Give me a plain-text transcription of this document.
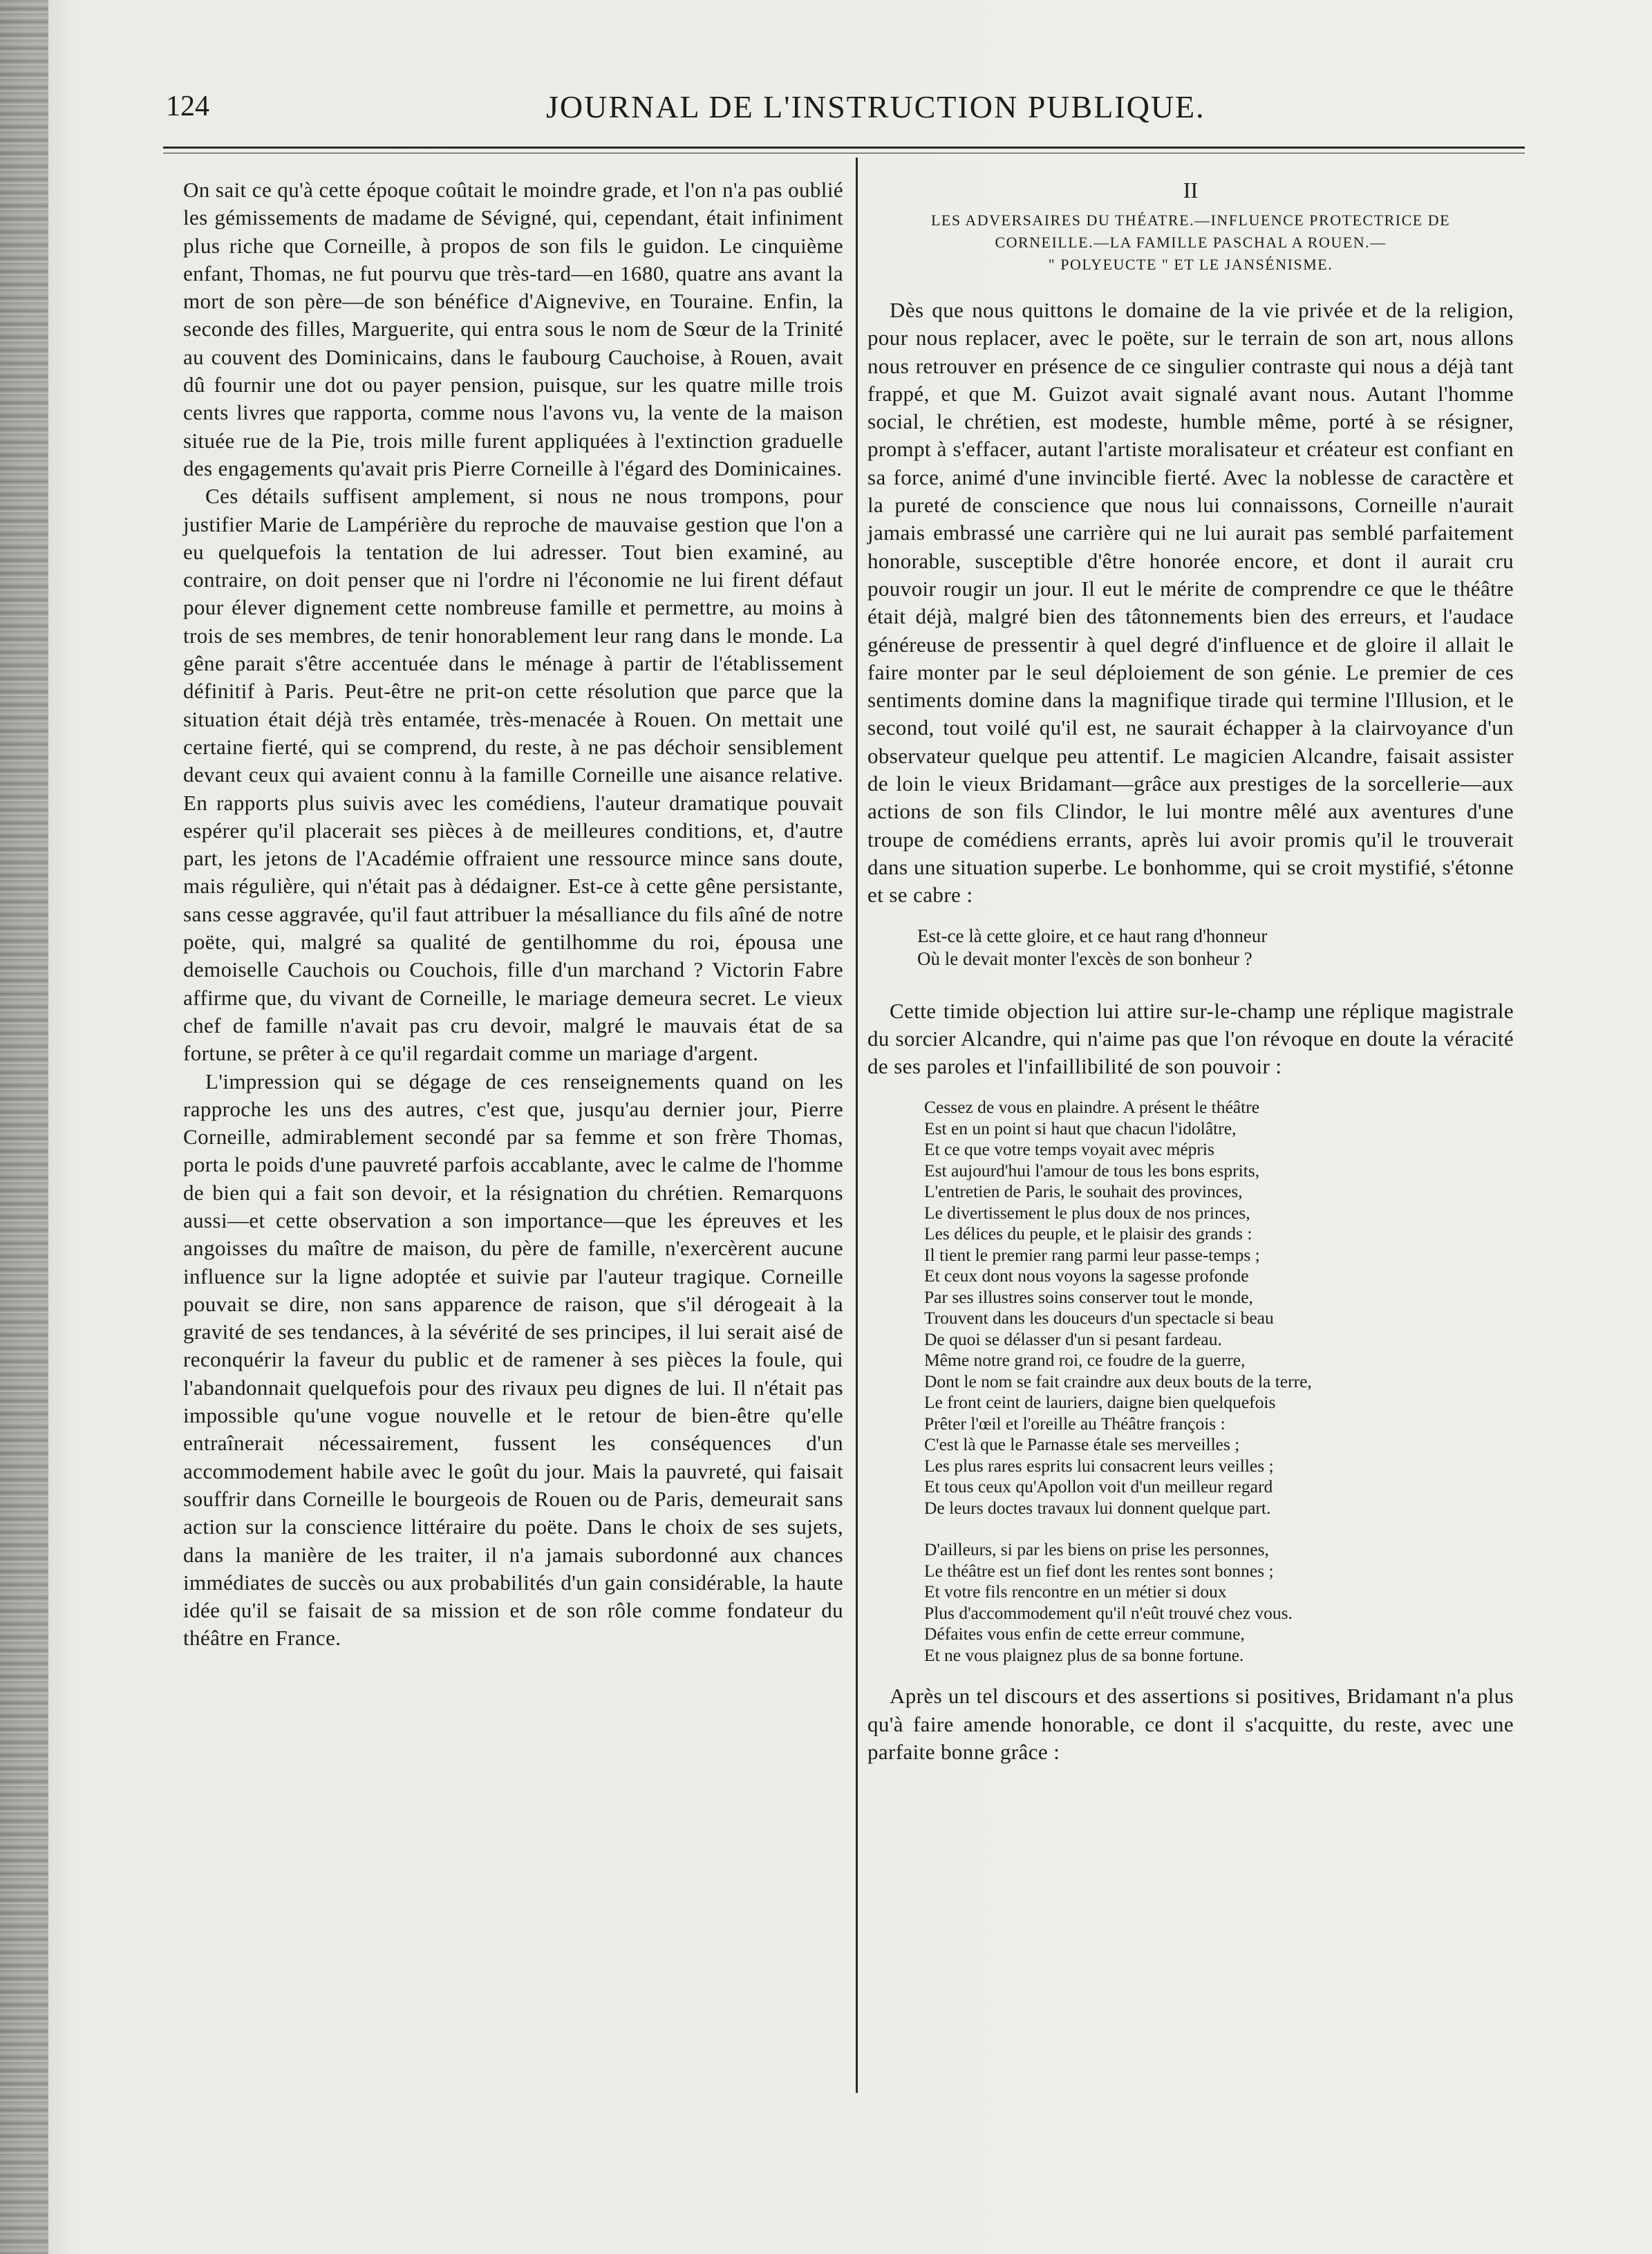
124	JOURNAL DE L'INSTRUCTION PUBLIQUE.

On sait ce qu'à cette époque coûtait le moindre grade, et l'on n'a pas oublié les gémissements de madame de Sévigné, qui, cependant, était infiniment plus riche que Corneille, à propos de son fils le guidon. Le cinquième enfant, Thomas, ne fut pourvu que très-tard—en 1680, quatre ans avant la mort de son père—de son bénéfice d'Aignevive, en Touraine. Enfin, la seconde des filles, Marguerite, qui entra sous le nom de Sœur de la Trinité au couvent des Dominicains, dans le faubourg Cauchoise, à Rouen, avait dû fournir une dot ou payer pension, puisque, sur les quatre mille trois cents livres que rapporta, comme nous l'avons vu, la vente de la maison située rue de la Pie, trois mille furent appliquées à l'extinction graduelle des engagements qu'avait pris Pierre Corneille à l'égard des Dominicaines.

Ces détails suffisent amplement, si nous ne nous trompons, pour justifier Marie de Lampérière du reproche de mauvaise gestion que l'on a eu quelquefois la tentation de lui adresser. Tout bien examiné, au contraire, on doit penser que ni l'ordre ni l'économie ne lui firent défaut pour élever dignement cette nombreuse famille et permettre, au moins à trois de ses membres, de tenir honorablement leur rang dans le monde. La gêne parait s'être accentuée dans le ménage à partir de l'établissement définitif à Paris. Peut-être ne prit-on cette résolution que parce que la situation était déjà très entamée, très-menacée à Rouen. On mettait une certaine fierté, qui se comprend, du reste, à ne pas déchoir sensiblement devant ceux qui avaient connu à la famille Corneille une aisance relative. En rapports plus suivis avec les comédiens, l'auteur dramatique pouvait espérer qu'il placerait ses pièces à de meilleures conditions, et, d'autre part, les jetons de l'Académie offraient une ressource mince sans doute, mais régulière, qui n'était pas à dédaigner. Est-ce à cette gêne persistante, sans cesse aggravée, qu'il faut attribuer la mésalliance du fils aîné de notre poëte, qui, malgré sa qualité de gentilhomme du roi, épousa une demoiselle Cauchois ou Couchois, fille d'un marchand ? Victorin Fabre affirme que, du vivant de Corneille, le mariage demeura secret. Le vieux chef de famille n'avait pas cru devoir, malgré le mauvais état de sa fortune, se prêter à ce qu'il regardait comme un mariage d'argent.

L'impression qui se dégage de ces renseignements quand on les rapproche les uns des autres, c'est que, jusqu'au dernier jour, Pierre Corneille, admirablement secondé par sa femme et son frère Thomas, porta le poids d'une pauvreté parfois accablante, avec le calme de l'homme de bien qui a fait son devoir, et la résignation du chrétien. Remarquons aussi—et cette observation a son importance—que les épreuves et les angoisses du maître de maison, du père de famille, n'exercèrent aucune influence sur la ligne adoptée et suivie par l'auteur tragique. Corneille pouvait se dire, non sans apparence de raison, que s'il dérogeait à la gravité de ses tendances, à la sévérité de ses principes, il lui serait aisé de reconquérir la faveur du public et de ramener à ses pièces la foule, qui l'abandonnait quelquefois pour des rivaux peu dignes de lui. Il n'était pas impossible qu'une vogue nouvelle et le retour de bien-être qu'elle entraînerait nécessairement, fussent les conséquences d'un accommodement habile avec le goût du jour. Mais la pauvreté, qui faisait souffrir dans Corneille le bourgeois de Rouen ou de Paris, demeurait sans action sur la conscience littéraire du poëte. Dans le choix de ses sujets, dans la manière de les traiter, il n'a jamais subordonné aux chances immédiates de succès ou aux probabilités d'un gain considérable, la haute idée qu'il se faisait de sa mission et de son rôle comme fondateur du théâtre en France.

II
LES ADVERSAIRES DU THÉATRE.—INFLUENCE PROTECTRICE DE
CORNEILLE.—LA FAMILLE PASCHAL A ROUEN.—
" POLYEUCTE " ET LE JANSÉNISME.

Dès que nous quittons le domaine de la vie privée et de la religion, pour nous replacer, avec le poëte, sur le terrain de son art, nous allons nous retrouver en présence de ce singulier contraste qui nous a déjà tant frappé, et que M. Guizot avait signalé avant nous. Autant l'homme social, le chrétien, est modeste, humble même, porté à se résigner, prompt à s'effacer, autant l'artiste moralisateur et créateur est confiant en sa force, animé d'une invincible fierté. Avec la noblesse de caractère et la pureté de conscience que nous lui connaissons, Corneille n'aurait jamais embrassé une carrière qui ne lui aurait pas semblé parfaitement honorable, susceptible d'être honorée encore, et dont il aurait cru pouvoir rougir un jour. Il eut le mérite de comprendre ce que le théâtre était déjà, malgré bien des tâtonnements bien des erreurs, et l'audace généreuse de pressentir à quel degré d'influence et de gloire il allait le faire monter par le seul déploiement de son génie. Le premier de ces sentiments domine dans la magnifique tirade qui termine l'Illusion, et le second, tout voilé qu'il est, ne saurait échapper à la clairvoyance d'un observateur quelque peu attentif. Le magicien Alcandre, faisait assister de loin le vieux Bridamant—grâce aux prestiges de la sorcellerie—aux actions de son fils Clindor, le lui montre mêlé aux aventures d'une troupe de comédiens errants, après lui avoir promis qu'il le trouverait dans une situation superbe. Le bonhomme, qui se croit mystifié, s'étonne et se cabre :

Est-ce là cette gloire, et ce haut rang d'honneur
Où le devait monter l'excès de son bonheur ?

Cette timide objection lui attire sur-le-champ une réplique magistrale du sorcier Alcandre, qui n'aime pas que l'on révoque en doute la véracité de ses paroles et l'infaillibilité de son pouvoir :

Cessez de vous en plaindre. A présent le théâtre
Est en un point si haut que chacun l'idolâtre,
Et ce que votre temps voyait avec mépris
Est aujourd'hui l'amour de tous les bons esprits,
L'entretien de Paris, le souhait des provinces,
Le divertissement le plus doux de nos princes,
Les délices du peuple, et le plaisir des grands :
Il tient le premier rang parmi leur passe-temps ;
Et ceux dont nous voyons la sagesse profonde
Par ses illustres soins conserver tout le monde,
Trouvent dans les douceurs d'un spectacle si beau
De quoi se délasser d'un si pesant fardeau.
Même notre grand roi, ce foudre de la guerre,
Dont le nom se fait craindre aux deux bouts de la terre,
Le front ceint de lauriers, daigne bien quelquefois
Prêter l'œil et l'oreille au Théâtre françois :
C'est là que le Parnasse étale ses merveilles ;
Les plus rares esprits lui consacrent leurs veilles ;
Et tous ceux qu'Apollon voit d'un meilleur regard
De leurs doctes travaux lui donnent quelque part.
D'ailleurs, si par les biens on prise les personnes,
Le théâtre est un fief dont les rentes sont bonnes ;
Et votre fils rencontre en un métier si doux
Plus d'accommodement qu'il n'eût trouvé chez vous.
Défaites vous enfin de cette erreur commune,
Et ne vous plaignez plus de sa bonne fortune.

Après un tel discours et des assertions si positives, Bridamant n'a plus qu'à faire amende honorable, ce dont il s'acquitte, du reste, avec une parfaite bonne grâce :
